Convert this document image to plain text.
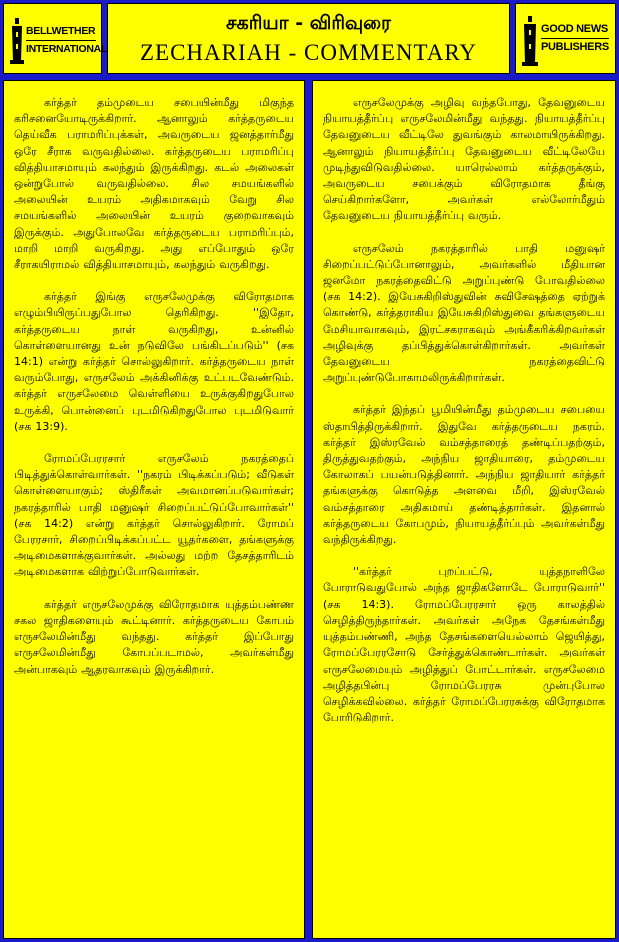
BELLWETHER
INTERNATIONAL
சகரியா - விரிவுரை
ZECHARIAH - COMMENTARY
GOOD NEWS
PUBLISHERS

கர்த்தர் தம்முடைய சபையின்மீது மிகுந்த கரிசனையோடிருக்கிறார். ஆனாலும் கர்த்தருடைய தெய்வீக பராமரிப்புக்கள், அவருடைய ஜனத்தார்மீது ஒரே சீராக வருவதில்லை. கர்த்தருடைய பராமரிப்பு வித்தியாசமாயும் கலந்தும் இருக்கிறது. கடல் அலைகள் ஒன்றுபோல் வருவதில்லை. சில சமயங்களில் அலையின் உயரம் அதிகமாகவும் வேறு சில சமயங்களில் அலையின் உயரம் குறைவாகவும் இருக்கும். அதுபோலவே கர்த்தருடைய பராமரிப்பும், மாறி மாறி வருகிறது. அது எப்போதும் ஒரே சீராகயிராமல் வித்தியாசமாயும், கலந்தும் வருகிறது.

கர்த்தர் இங்கு எருசலேமுக்கு விரோதமாக எழும்பியிருப்பதுபோல தெரிகிறது. ''இதோ, கர்த்தருடைய நாள் வருகிறது, உன்னில் கொள்ளையானது உன் நடுவிலே பங்கிடப்படும்'' (சக 14:1) என்று கர்த்தர் சொல்லுகிறார். கர்த்தருடைய நாள் வரும்போது, எருசலேம் அக்கினிக்கு உட்படவேண்டும். கர்த்தர் எருசலேமை வெள்ளியை உருக்குகிறதுபோல உருக்கி, பொன்னைப் புடமிடுகிறதுபோல புடமிடுவார் (சக 13:9).

ரோமப்பேரரசார் எருசலேம் நகரத்தைப் பிடித்துக்கொள்வார்கள். ''நகரம் பிடிக்கப்படும்; வீடுகள் கொள்ளையாகும்; ஸ்திரீகள் அவமானப்படுவார்கள்; நகரத்தாரில் பாதி மனுஷர் சிறைப்பட்டுப்போவார்கள்'' (சக 14:2) என்று கர்த்தர் சொல்லுகிறார். ரோமப் பேரரசார், சிறைப்பிடிக்கப்பட்ட யூதர்களை, தங்களுக்கு அடிமைகளாக்குவார்கள். அல்லது மற்ற தேசத்தாரிடம் அடிமைகளாக விற்றுப்போடுவார்கள்.

கர்த்தர் எருசலேமுக்கு விரோதமாக யுத்தம்பண்ண சகல ஜாதிகளையும் கூட்டினார். கர்த்தருடைய கோபம் எருசலேமின்மீது வந்தது. கர்த்தர் இப்போது எருசலேமின்மீது கோபப்படாமல், அவர்கள்மீது அன்பாகவும் ஆதரவாகவும் இருக்கிறார்.

எருசலேமுக்கு அழிவு வந்தபோது, தேவனுடைய நியாயத்தீர்ப்பு எருசலேமின்மீது வந்தது. நியாயத்தீர்ப்பு தேவனுடைய வீட்டிலே துவங்கும் காலமாயிருக்கிறது. ஆனாலும் நியாயத்தீர்ப்பு தேவனுடைய வீட்டிலேயே முடிந்துவிடுவதில்லை. யாரெல்லாம் கர்த்தருக்கும், அவருடைய சபைக்கும் விரோதமாக தீங்கு செய்கிறார்களோ, அவர்கள் எல்லோர்மீதும் தேவனுடைய நியாயத்தீர்ப்பு வரும்.

எருசலேம் நகரத்தாரில் பாதி மனுஷர் சிறைப்பட்டுப்போனாலும், அவர்களில் மீதியான ஜனமோ நகரத்தைவிட்டு அறுப்புண்டு போவதில்லை (சக 14:2). இயேசுகிறிஸ்துவின் சுவிசேஷத்தை ஏற்றுக் கொண்டு, கர்த்தராகிய இயேசுகிறிஸ்துவை தங்களுடைய மேசியாவாகவும், இரட்சகராகவும் அங்கீகரிக்கிறவர்கள் அழிவுக்கு தப்பித்துக்கொள்கிறார்கள். அவர்கள் தேவனுடைய நகரத்தைவிட்டு அறுப்புண்டுபோகாமலிருக்கிறார்கள்.

கர்த்தர் இந்தப் பூமியின்மீது தம்முடைய சபையை ஸ்தாபித்திருக்கிறார். இதுவே கர்த்தருடைய நகரம். கர்த்தர் இஸ்ரவேல் வம்சத்தாரைத் தண்டிப்பதற்கும், திருத்துவதற்கும், அந்நிய ஜாதியாரை, தம்முடைய கோலாகப் பயன்படுத்தினார். அந்நிய ஜாதியார் கர்த்தர் தங்களுக்கு கொடுத்த அளவை மீறி, இஸ்ரவேல் வம்சத்தாரை அதிகமாய் தண்டித்தார்கள். இதனால் கர்த்தருடைய கோபமும், நியாயத்தீர்ப்பும் அவர்கள்மீது வந்திருக்கிறது.

''கர்த்தர் புறப்பட்டு, யுத்தநாளிலே போராடுவதுபோல் அந்த ஜாதிகளோடே போராடுவார்'' (சக 14:3). ரோமப்பேரரசார் ஒரு காலத்தில் செழித்திருந்தார்கள். அவர்கள் அநேக தேசங்கள்மீது யுத்தம்பண்ணி, அந்த தேசங்களையெல்லாம் ஜெயித்து, ரோமப்பேரரசோடு சேர்த்துக்கொண்டார்கள். அவர்கள் எருசலேமையும் அழித்துப் போட்டார்கள். எருசலேமை அழித்தபின்பு ரோமப்பேரரசு முன்புபோல செழிக்கவில்லை. கர்த்தர் ரோமப்பேரரசுக்கு விரோதமாக போரிடுகிறார்.
